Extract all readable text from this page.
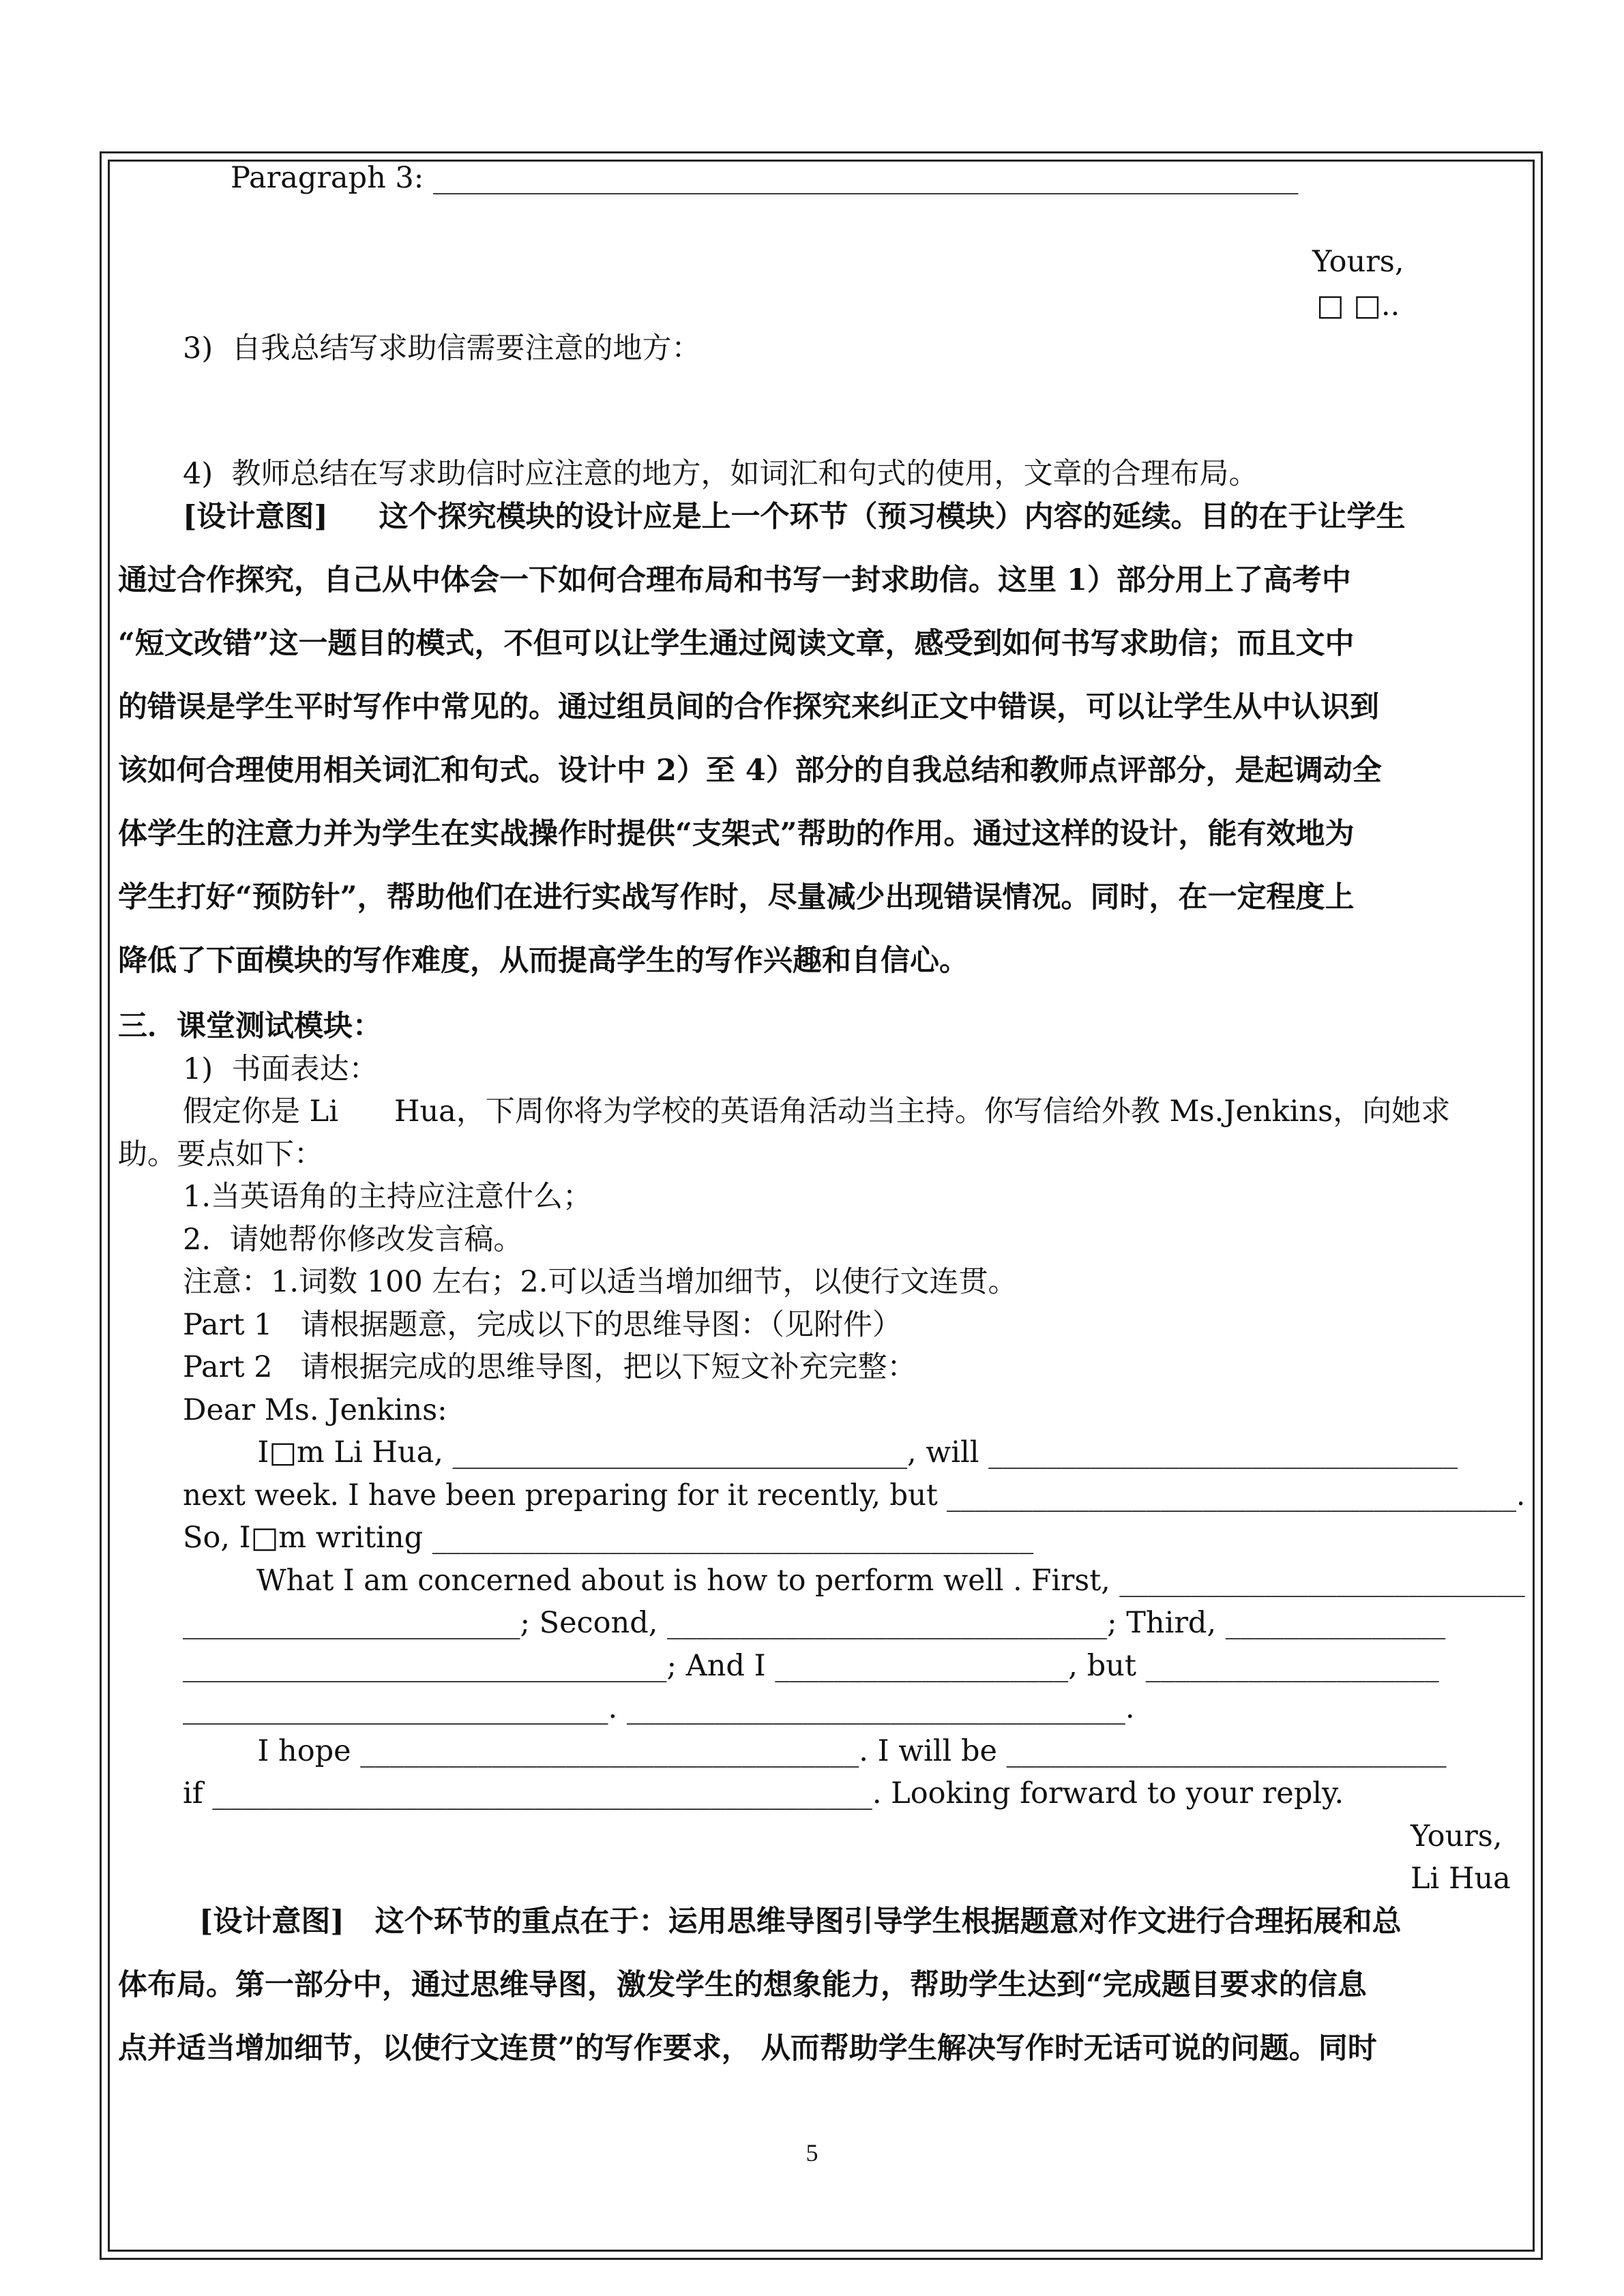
Paragraph 3: ___________________________________________________________
Yours,
□ □..
3)  自我总结写求助信需要注意的地方：
4)  教师总结在写求助信时应注意的地方，如词汇和句式的使用，文章的合理布局。
[设计意图]     这个探究模块的设计应是上一个环节（预习模块）内容的延续。目的在于让学生
通过合作探究，自己从中体会一下如何合理布局和书写一封求助信。这里 1）部分用上了高考中
“短文改错”这一题目的模式，不但可以让学生通过阅读文章，感受到如何书写求助信；而且文中
的错误是学生平时写作中常见的。通过组员间的合作探究来纠正文中错误，可以让学生从中认识到
该如何合理使用相关词汇和句式。设计中 2）至 4）部分的自我总结和教师点评部分，是起调动全
体学生的注意力并为学生在实战操作时提供“支架式”帮助的作用。通过这样的设计，能有效地为
学生打好“预防针”，帮助他们在进行实战写作时，尽量减少出现错误情况。同时，在一定程度上
降低了下面模块的写作难度，从而提高学生的写作兴趣和自信心。
三．课堂测试模块：
1)  书面表达：
假定你是 Li      Hua，下周你将为学校的英语角活动当主持。你写信给外教 Ms.Jenkins，向她求
助。要点如下：
1.当英语角的主持应注意什么；
2.  请她帮你修改发言稿。
注意：1.词数 100 左右；2.可以适当增加细节，以使行文连贯。
Part 1   请根据题意，完成以下的思维导图：（见附件）
Part 2   请根据完成的思维导图，把以下短文补充完整：
Dear Ms. Jenkins:
I□m Li Hua, _______________________________, will ________________________________
next week. I have been preparing for it recently, but ________________________________________.
So, I□m writing _________________________________________
What I am concerned about is how to perform well . First, ____________________________
_______________________; Second, ______________________________; Third, _______________
_________________________________; And I ____________________, but ____________________
_____________________________. __________________________________.
I hope __________________________________. I will be ______________________________
if _____________________________________________. Looking forward to your reply.
Yours,
Li Hua
[设计意图]   这个环节的重点在于：运用思维导图引导学生根据题意对作文进行合理拓展和总
体布局。第一部分中，通过思维导图，激发学生的想象能力，帮助学生达到“完成题目要求的信息
点并适当增加细节，以使行文连贯”的写作要求， 从而帮助学生解决写作时无话可说的问题。同时
5
